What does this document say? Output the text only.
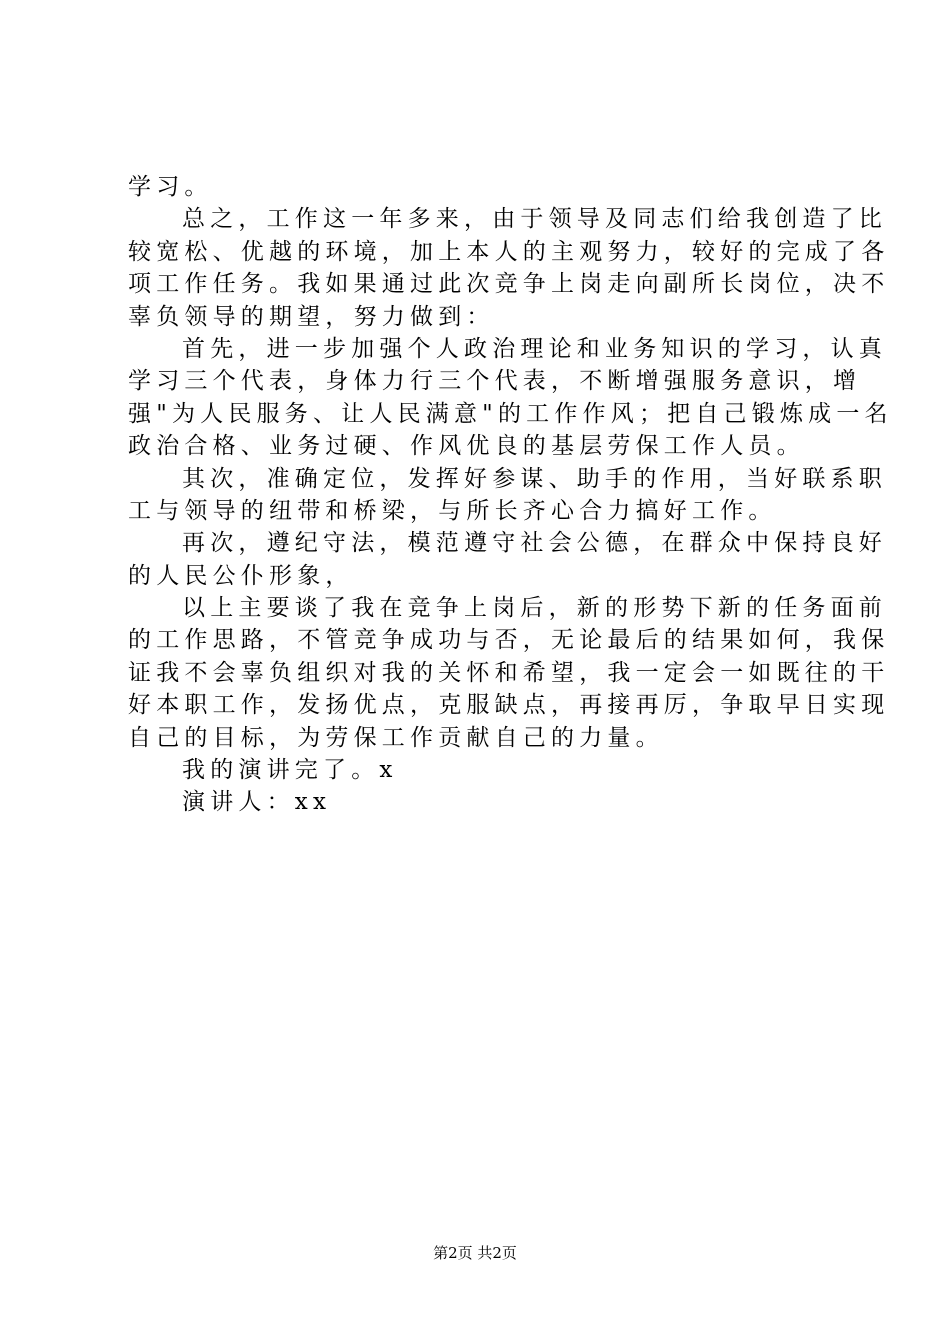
学习。
总之，工作这一年多来，由于领导及同志们给我创造了比
较宽松、优越的环境，加上本人的主观努力，较好的完成了各
项工作任务。我如果通过此次竞争上岗走向副所长岗位，决不
辜负领导的期望，努力做到：
首先，进一步加强个人政治理论和业务知识的学习，认真
学习三个代表，身体力行三个代表，不断增强服务意识，增
强"为人民服务、让人民满意"的工作作风；把自己锻炼成一名
政治合格、业务过硬、作风优良的基层劳保工作人员。
其次，准确定位，发挥好参谋、助手的作用，当好联系职
工与领导的纽带和桥梁，与所长齐心合力搞好工作。
再次，遵纪守法，模范遵守社会公德，在群众中保持良好
的人民公仆形象，
以上主要谈了我在竞争上岗后，新的形势下新的任务面前
的工作思路，不管竞争成功与否，无论最后的结果如何，我保
证我不会辜负组织对我的关怀和希望，我一定会一如既往的干
好本职工作，发扬优点，克服缺点，再接再厉，争取早日实现
自己的目标，为劳保工作贡献自己的力量。
我的演讲完了。x
演讲人：xx
第2页 共2页
